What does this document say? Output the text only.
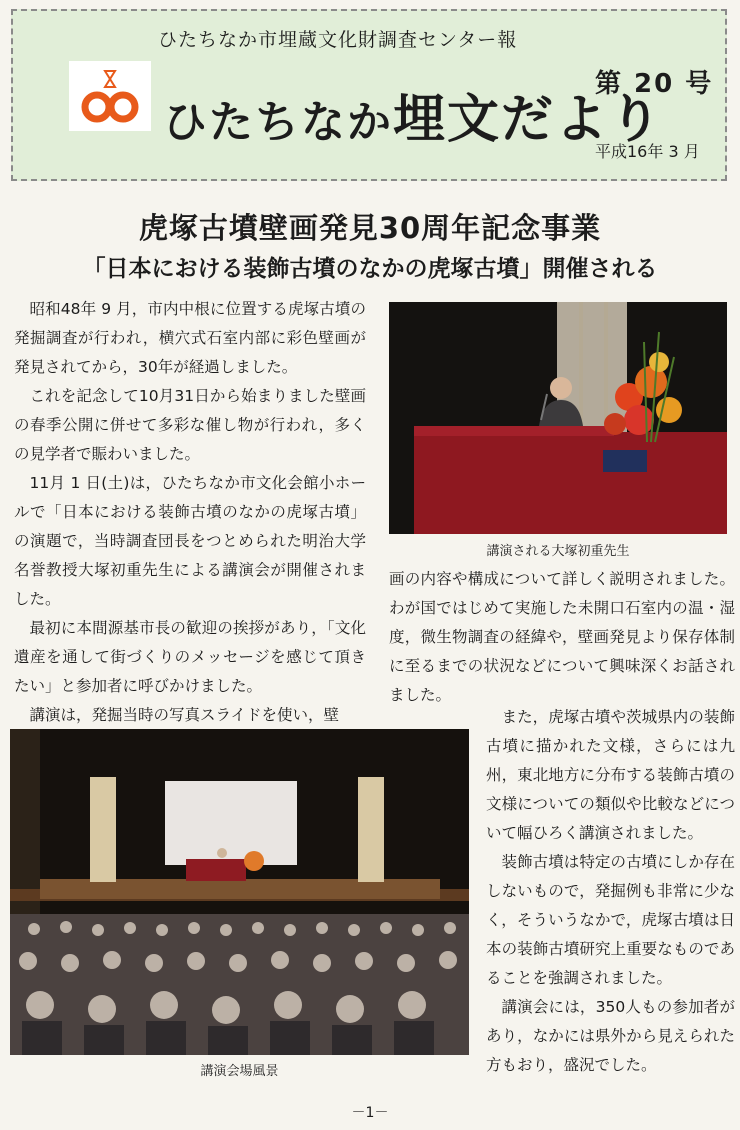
ひたちなか市埋蔵文化財調査センター報
ひたちなか埋文だより
第 20 号
平成16年 3 月
虎塚古墳壁画発見30周年記念事業
「日本における装飾古墳のなかの虎塚古墳」開催される

昭和48年 9 月，市内中根に位置する虎塚古墳の発掘調査が行われ，横穴式石室内部に彩色壁画が発見されてから，30年が経過しました。

これを記念して10月31日から始まりました壁画の春季公開に併せて多彩な催し物が行われ，多くの見学者で賑わいました。

11月 1 日(土)は，ひたちなか市文化会館小ホールで「日本における装飾古墳のなかの虎塚古墳」の演題で，当時調査団長をつとめられた明治大学名誉教授大塚初重先生による講演会が開催されました。

最初に本間源基市長の歓迎の挨拶があり，「文化遺産を通して街づくりのメッセージを感じて頂きたい」と参加者に呼びかけました。

講演は，発掘当時の写真スライドを使い，壁

講演される大塚初重先生

画の内容や構成について詳しく説明されました。わが国ではじめて実施した未開口石室内の温・湿度，微生物調査の経緯や，壁画発見より保存体制に至るまでの状況などについて興味深くお話されました。

講演会場風景

また，虎塚古墳や茨城県内の装飾古墳に描かれた文様，さらには九州，東北地方に分布する装飾古墳の文様についての類似や比較などについて幅ひろく講演されました。

装飾古墳は特定の古墳にしか存在しないもので，発掘例も非常に少なく，そういうなかで，虎塚古墳は日本の装飾古墳研究上重要なものであることを強調されました。

講演会には，350人もの参加者があり，なかには県外から見えられた方もおり，盛況でした。

－1－
